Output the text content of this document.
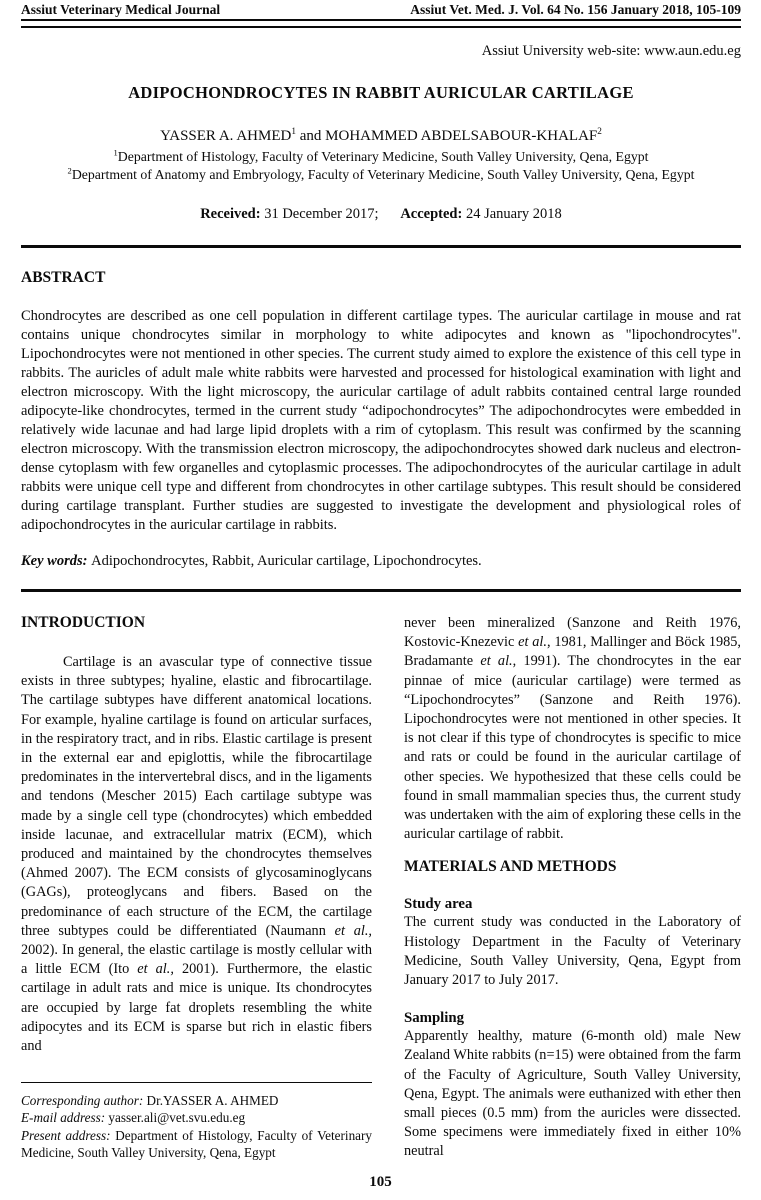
Assiut Veterinary Medical Journal	Assiut Vet. Med. J. Vol. 64 No. 156 January 2018, 105-109
Assiut University web-site: www.aun.edu.eg
ADIPOCHONDROCYTES IN RABBIT AURICULAR CARTILAGE
YASSER A. AHMED$^1$ and MOHAMMED ABDELSABOUR-KHALAF$^2$
$^1$Department of Histology, Faculty of Veterinary Medicine, South Valley University, Qena, Egypt
$^2$Department of Anatomy and Embryology, Faculty of Veterinary Medicine, South Valley University, Qena, Egypt
Received: 31 December 2017;      Accepted: 24 January 2018
ABSTRACT

Chondrocytes are described as one cell population in different cartilage types. The auricular cartilage in mouse and rat contains unique chondrocytes similar in morphology to white adipocytes and known as "lipochondrocytes". Lipochondrocytes were not mentioned in other species. The current study aimed to explore the existence of this cell type in rabbits. The auricles of adult male white rabbits were harvested and processed for histological examination with light and electron microscopy. With the light microscopy, the auricular cartilage of adult rabbits contained central large rounded adipocyte-like chondrocytes, termed in the current study “adipochondrocytes” The adipochondrocytes were embedded in relatively wide lacunae and had large lipid droplets with a rim of cytoplasm. This result was confirmed by the scanning electron microscopy. With the transmission electron microscopy, the adipochondrocytes showed dark nucleus and electron-dense cytoplasm with few organelles and cytoplasmic processes. The adipochondrocytes of the auricular cartilage in adult rabbits were unique cell type and different from chondrocytes in other cartilage subtypes. This result should be considered during cartilage transplant. Further studies are suggested to investigate the development and physiological roles of adipochondrocytes in the auricular cartilage in rabbits.

Key words: Adipochondrocytes, Rabbit, Auricular cartilage, Lipochondrocytes.

INTRODUCTION

Cartilage is an avascular type of connective tissue exists in three subtypes; hyaline, elastic and fibrocartilage. The cartilage subtypes have different anatomical locations. For example, hyaline cartilage is found on articular surfaces, in the respiratory tract, and in ribs. Elastic cartilage is present in the external ear and epiglottis, while the fibrocartilage predominates in the intervertebral discs, and in the ligaments and tendons (Mescher 2015) Each cartilage subtype was made by a single cell type (chondrocytes) which embedded inside lacunae, and extracellular matrix (ECM), which produced and maintained by the chondrocytes themselves (Ahmed 2007). The ECM consists of glycosaminoglycans (GAGs), proteoglycans and fibers. Based on the predominance of each structure of the ECM, the cartilage three subtypes could be differentiated (Naumann et al., 2002). In general, the elastic cartilage is mostly cellular with a little ECM (Ito et al., 2001). Furthermore, the elastic cartilage in adult rats and mice is unique. Its chondrocytes are occupied by large fat droplets resembling the white adipocytes and its ECM is sparse but rich in elastic fibers and

Corresponding author: Dr.YASSER A. AHMED

E-mail address: yasser.ali@vet.svu.edu.eg

Present address: Department of Histology, Faculty of Veterinary Medicine, South Valley University, Qena, Egypt

never been mineralized (Sanzone and Reith 1976, Kostovic-Knezevic et al., 1981, Mallinger and Böck 1985, Bradamante et al., 1991). The chondrocytes in the ear pinnae of mice (auricular cartilage) were termed as “Lipochondrocytes” (Sanzone and Reith 1976). Lipochondrocytes were not mentioned in other species. It is not clear if this type of chondrocytes is specific to mice and rats or could be found in the auricular cartilage of other species. We hypothesized that these cells could be found in small mammalian species thus, the current study was undertaken with the aim of exploring these cells in the auricular cartilage of rabbit.

MATERIALS AND METHODS
Study area

The current study was conducted in the Laboratory of Histology Department in the Faculty of Veterinary Medicine, South Valley University, Qena, Egypt from January 2017 to July 2017.

Sampling

Apparently healthy, mature (6-month old) male New Zealand White rabbits (n=15) were obtained from the farm of the Faculty of Agriculture, South Valley University, Qena, Egypt. The animals were euthanized with ether then small pieces (0.5 mm) from the auricles were dissected. Some specimens were immediately fixed in either 10% neutral

105
